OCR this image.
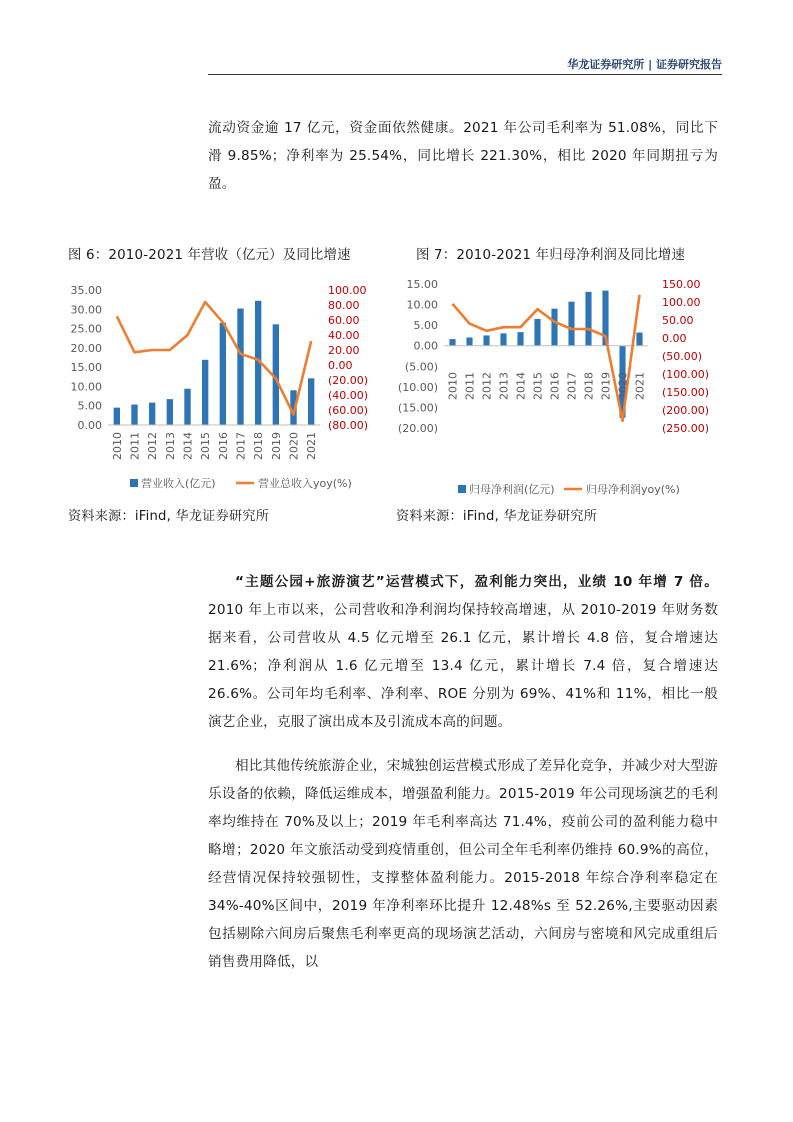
华龙证券研究所 | 证券研究报告
流动资金逾 17 亿元，资金面依然健康。2021 年公司毛利率为 51.08%，同比下滑 9.85%；净利率为 25.54%，同比增长 221.30%，相比 2020 年同期扭亏为盈。
图 6：2010-2021 年营收（亿元）及同比增速	图 7：2010-2021 年归母净利润及同比增速
35.00
30.00
25.00
20.00
15.00
10.00
5.00
0.00
100.00
80.00
60.00
40.00
20.00
0.00
(20.00)
(40.00)
(60.00)
(80.00)
2010 2011 2012 2013 2014 2015 2016 2017 2018 2019 2020 2021
营业收入(亿元)	营业总收入yoy(%)
15.00
10.00
5.00
0.00
(5.00)
(10.00)
(15.00)
(20.00)
150.00
100.00
50.00
0.00
(50.00)
(100.00)
(150.00)
(200.00)
(250.00)
2010 2011 2012 2013 2014 2015 2016 2017 2018 2019 2020 2021
归母净利润(亿元)	归母净利润yoy(%)
资料来源：iFind, 华龙证券研究所	资料来源：iFind, 华龙证券研究所
“主题公园+旅游演艺”运营模式下，盈利能力突出，业绩 10 年增 7 倍。2010 年上市以来，公司营收和净利润均保持较高增速，从 2010-2019 年财务数据来看，公司营收从 4.5 亿元增至 26.1 亿元，累计增长 4.8 倍，复合增速达 21.6%；净利润从 1.6 亿元增至 13.4 亿元，累计增长 7.4 倍，复合增速达 26.6%。公司年均毛利率、净利率、ROE 分别为 69%、41%和 11%，相比一般演艺企业，克服了演出成本及引流成本高的问题。
相比其他传统旅游企业，宋城独创运营模式形成了差异化竞争，并减少对大型游乐设备的依赖，降低运维成本，增强盈利能力。2015-2019 年公司现场演艺的毛利率均维持在 70%及以上；2019 年毛利率高达 71.4%，疫前公司的盈利能力稳中略增；2020 年文旅活动受到疫情重创，但公司全年毛利率仍维持 60.9%的高位，经营情况保持较强韧性，支撑整体盈利能力。2015-2018 年综合净利率稳定在 34%-40%区间中，2019 年净利率环比提升 12.48%s 至 52.26%,主要驱动因素包括剔除六间房后聚焦毛利率更高的现场演艺活动，六间房与密境和风完成重组后销售费用降低，以
